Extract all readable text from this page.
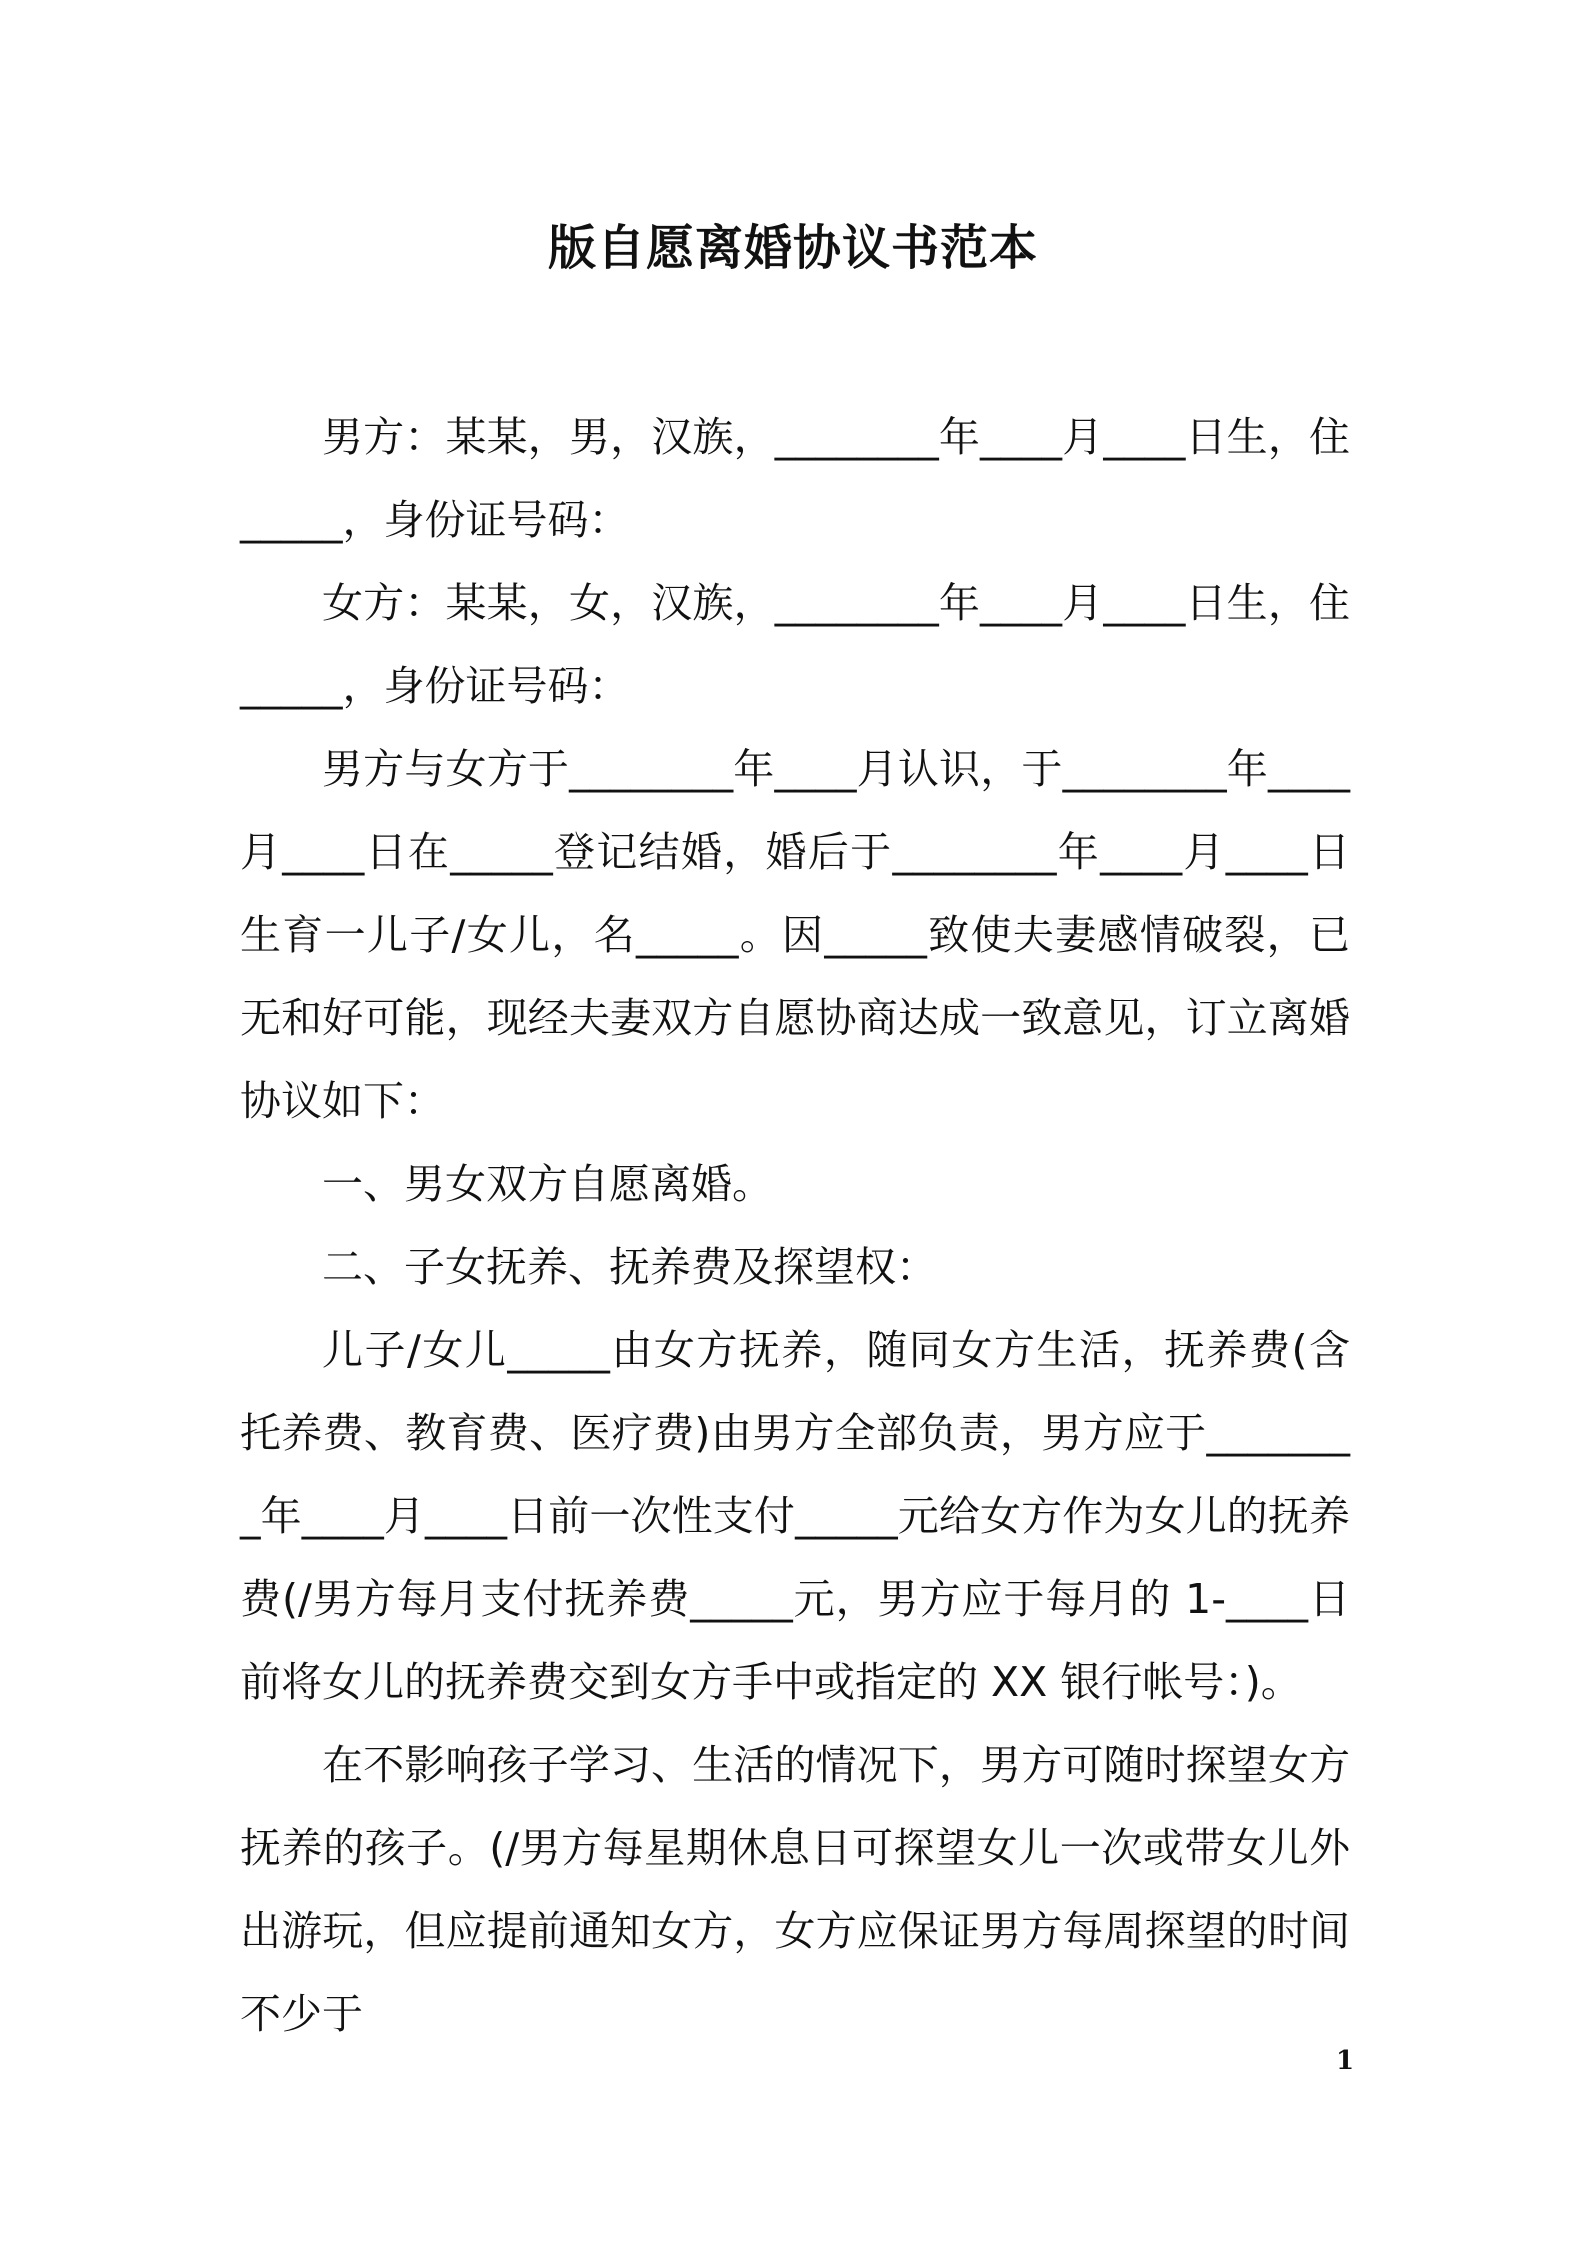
版自愿离婚协议书范本

男方：某某，男，汉族，________年____月____日生，住_____，身份证号码：

女方：某某，女，汉族，________年____月____日生，住_____，身份证号码：

男方与女方于________年____月认识，于________年____月____日在_____登记结婚，婚后于________年____月____日生育一儿子/女儿，名_____。因_____致使夫妻感情破裂，已无和好可能，现经夫妻双方自愿协商达成一致意见，订立离婚协议如下：

一、男女双方自愿离婚。

二、子女抚养、抚养费及探望权：

儿子/女儿_____由女方抚养，随同女方生活，抚养费(含托养费、教育费、医疗费)由男方全部负责，男方应于________年____月____日前一次性支付_____元给女方作为女儿的抚养费(/男方每月支付抚养费_____元，男方应于每月的 1-____日前将女儿的抚养费交到女方手中或指定的 XX 银行帐号：)。

在不影响孩子学习、生活的情况下，男方可随时探望女方抚养的孩子。(/男方每星期休息日可探望女儿一次或带女儿外出游玩，但应提前通知女方，女方应保证男方每周探望的时间不少于

1
